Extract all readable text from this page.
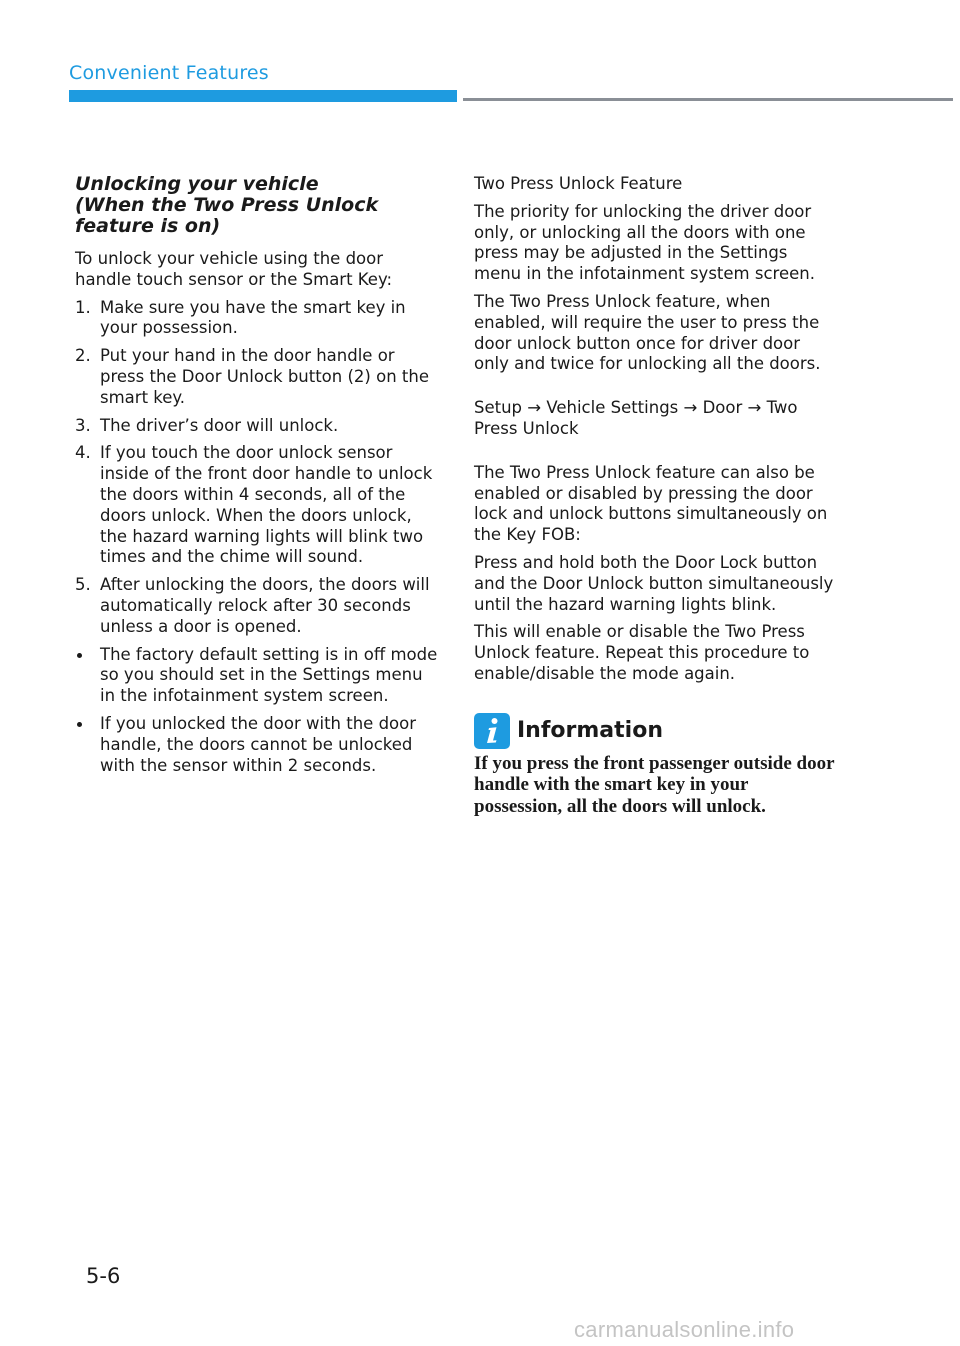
Convenient Features
Unlocking your vehicle
(When the Two Press Unlock feature is on)

To unlock your vehicle using the door handle touch sensor or the Smart Key:

1. Make sure you have the smart key in your possession.
2. Put your hand in the door handle or press the Door Unlock button (2) on the smart key.
3. The driver’s door will unlock.
4. If you touch the door unlock sensor inside of the front door handle to unlock the doors within 4 seconds, all of the doors unlock. When the doors unlock, the hazard warning lights will blink two times and the chime will sound.
5. After unlocking the doors, the doors will automatically relock after 30 seconds unless a door is opened.
The factory default setting is in off mode so you should set in the Settings menu in the infotainment system screen.
If you unlocked the door with the door handle, the doors cannot be unlocked with the sensor within 2 seconds.

Two Press Unlock Feature

The priority for unlocking the driver door only, or unlocking all the doors with one press may be adjusted in the Settings menu in the infotainment system screen.

The Two Press Unlock feature, when enabled, will require the user to press the door unlock button once for driver door only and twice for unlocking all the doors.

Setup → Vehicle Settings → Door → Two Press Unlock

The Two Press Unlock feature can also be enabled or disabled by pressing the door lock and unlock buttons simultaneously on the Key FOB:

Press and hold both the Door Lock button and the Door Unlock button simultaneously until the hazard warning lights blink.

This will enable or disable the Two Press Unlock feature. Repeat this procedure to enable/disable the mode again.

Information

If you press the front passenger outside door handle with the smart key in your possession, all the doors will unlock.

5-6
carmanualsonline.info
